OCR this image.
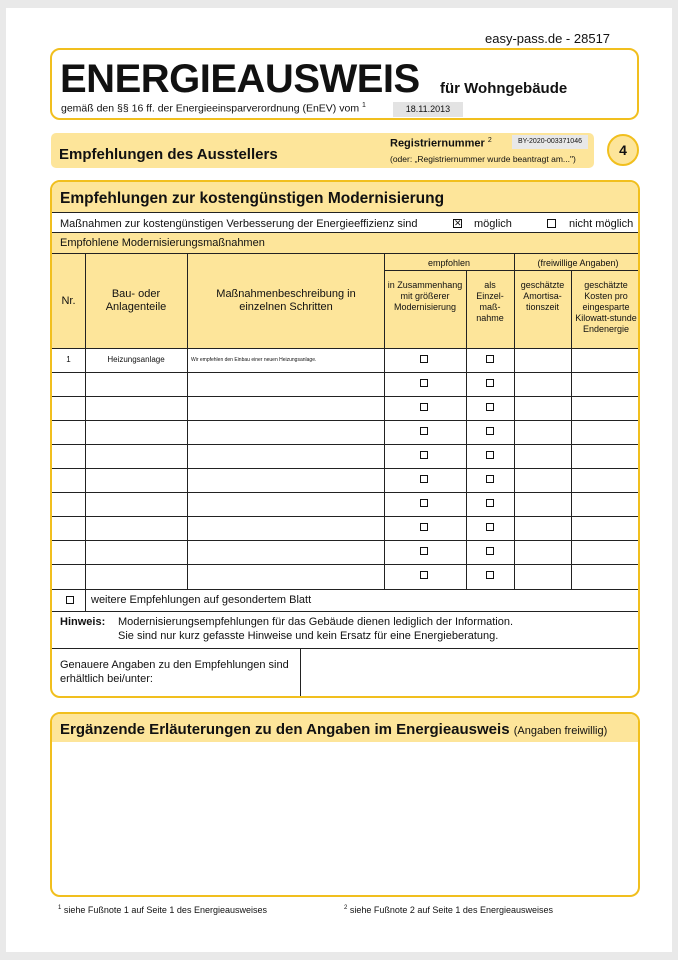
easy-pass.de - 28517
ENERGIEAUSWEIS für Wohngebäude
gemäß den §§ 16 ff. der Energieeinsparverordnung (EnEV) vom $^1$	18.11.2013
Empfehlungen des Ausstellers
Registriernummer $^2$	BY-2020-003371046
(oder: „Registriernummer wurde beantragt am...")
4
Empfehlungen zur kostengünstigen Modernisierung
Maßnahmen zur kostengünstigen Verbesserung der Energieeffizienz sind	✕ möglich	nicht möglich
Empfohlene Modernisierungsmaßnahmen
Nr.
Bau- oder Anlagenteile
Maßnahmenbeschreibung in einzelnen Schritten
empfohlen
in Zusammenhang mit größerer Modernisierung
als Einzel-maß-nahme
(freiwillige Angaben)
geschätzte Amortisa-tionszeit
geschätzte Kosten pro eingesparte Kilowatt-stunde Endenergie
1	Heizungsanlage	Wir empfehlen den Einbau einer neuen Heizungsanlage.
weitere Empfehlungen auf gesondertem Blatt
Hinweis: Modernisierungsempfehlungen für das Gebäude dienen lediglich der Information.
Sie sind nur kurz gefasste Hinweise und kein Ersatz für eine Energieberatung.
Genauere Angaben zu den Empfehlungen sind
erhältlich bei/unter:
Ergänzende Erläuterungen zu den Angaben im Energieausweis (Angaben freiwillig)
$^1$ siehe Fußnote 1 auf Seite 1 des Energieausweises	$^2$ siehe Fußnote 2 auf Seite 1 des Energieausweises
